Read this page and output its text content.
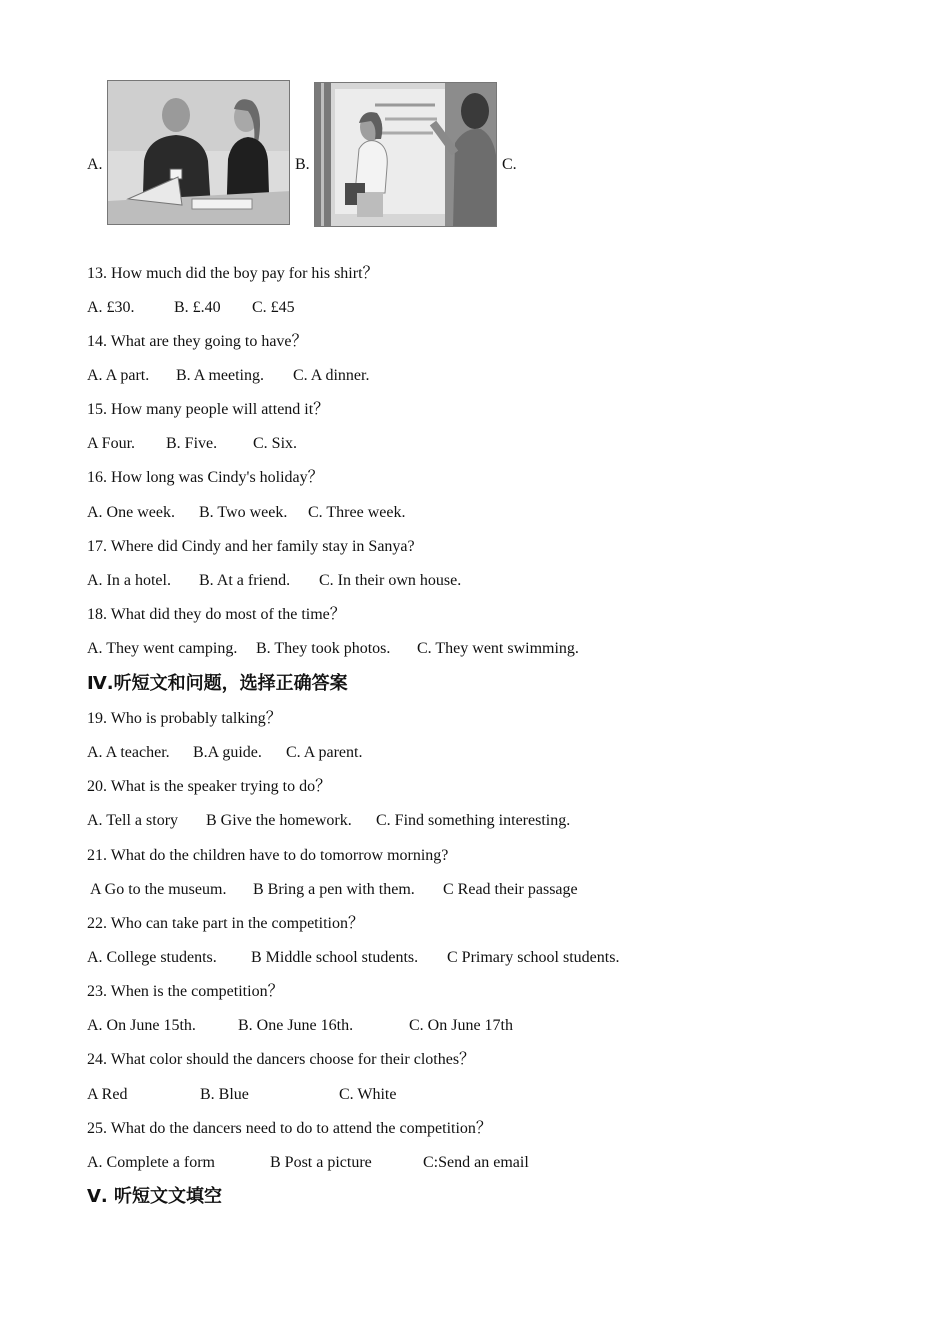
A.	B.	C.
13. How much did the boy pay for his shirt？
A. £30. B. £.40 C. £45
14. What are they going to have？
A. A part. B. A meeting. C. A dinner.
15. How many people will attend it？
A Four. B. Five. C. Six.
16. How long was Cindy's holiday？
A. One week. B. Two week. C. Three week.
17. Where did Cindy and her family stay in Sanya?
A. In a hotel. B. At a friend. C. In their own house.
18. What did they do most of the time？
A. They went camping. B. They took photos. C. They went swimming.
Ⅳ.听短文和问题，选择正确答案
19. Who is probably talking？
A. A teacher. B.A guide. C. A parent.
20. What is the speaker trying to do？
A. Tell a story B Give the homework. C. Find something interesting.
21. What do the children have to do tomorrow morning?
A Go to the museum. B Bring a pen with them. C Read their passage
22. Who can take part in the competition？
A. College students. B Middle school students. C Primary school students.
23. When is the competition？
A. On June 15th.	B. One June 16th.	C. On June 17th
24. What color should the dancers choose for their clothes？
A Red	B. Blue	C. White
25. What do the dancers need to do to attend the competition？
A. Complete a form	B Post a picture	C:Send an email
Ⅴ. 听短文文填空
